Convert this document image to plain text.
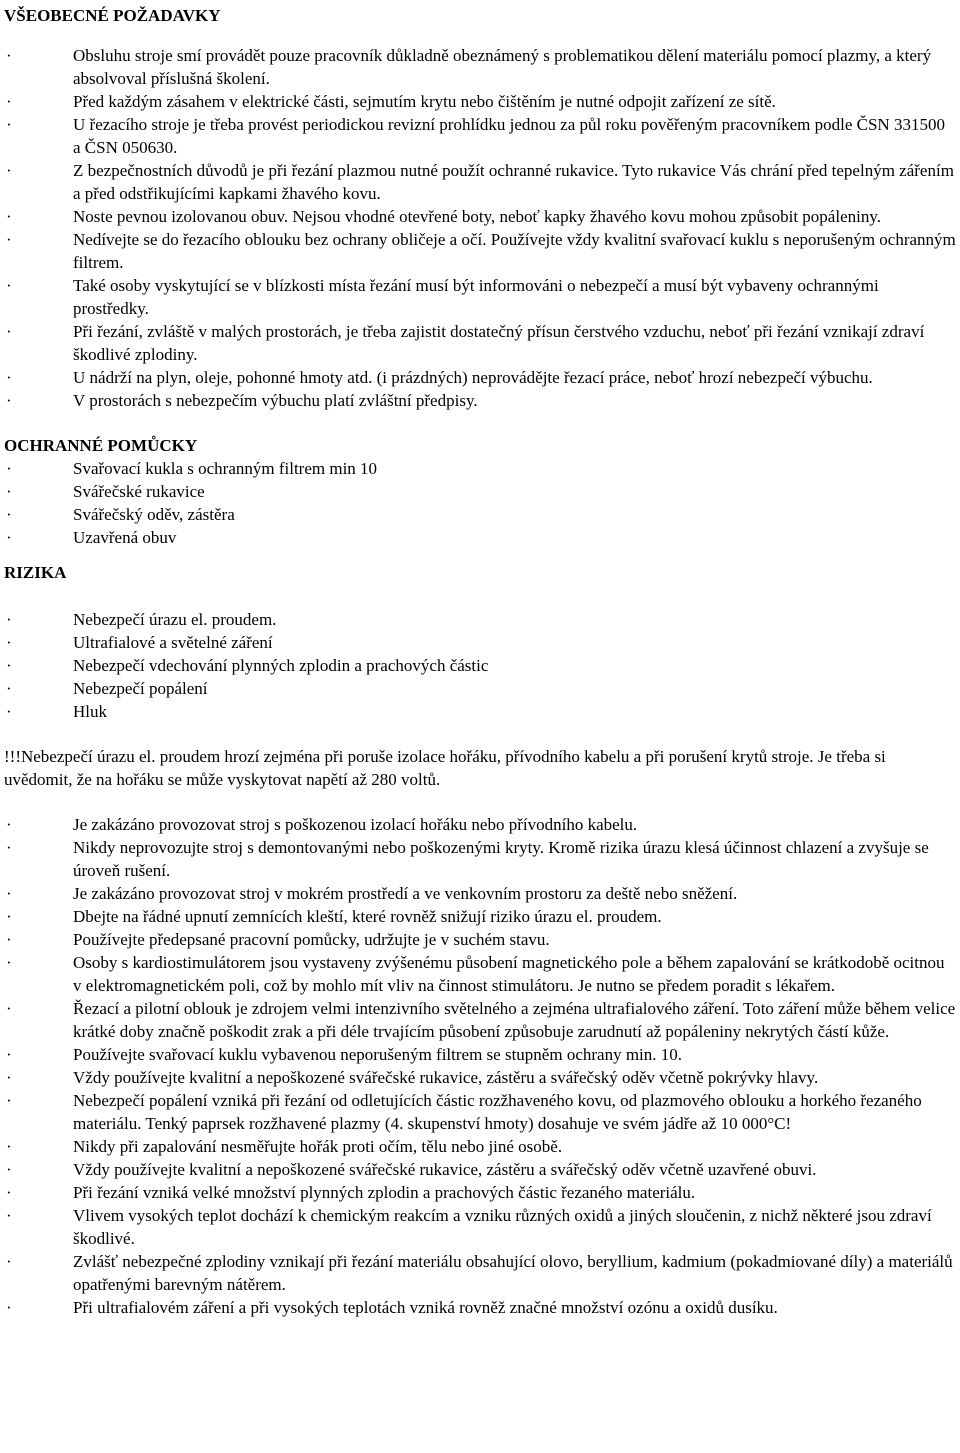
VŠEOBECNÉ POŽADAVKY
·	Obsluhu stroje smí provádět pouze pracovník důkladně obeznámený s problematikou dělení materiálu pomocí plazmy, a který absolvoval příslušná školení.
·	Před každým zásahem v elektrické části, sejmutím krytu nebo čištěním je nutné odpojit zařízení ze sítě.
·	U řezacího stroje je třeba provést periodickou revizní prohlídku jednou za půl roku pověřeným pracovníkem podle ČSN 331500 a ČSN 050630.
·	Z bezpečnostních důvodů je při řezání plazmou nutné použít ochranné rukavice. Tyto rukavice Vás chrání před tepelným zářením a před odstřikujícími kapkami žhavého kovu.
·	Noste pevnou izolovanou obuv. Nejsou vhodné otevřené boty, neboť kapky žhavého kovu mohou způsobit popáleniny.
·	Nedívejte se do řezacího oblouku bez ochrany obličeje a očí. Používejte vždy kvalitní svařovací kuklu s neporušeným ochranným filtrem.
·	Také osoby vyskytující se v blízkosti místa řezání musí být informováni o nebezpečí a musí být vybaveny ochrannými prostředky.
·	Při řezání, zvláště v malých prostorách, je třeba zajistit dostatečný přísun čerstvého vzduchu, neboť při řezání vznikají zdraví škodlivé zplodiny.
·	U nádrží na plyn, oleje, pohonné hmoty atd. (i prázdných) neprovádějte řezací práce, neboť hrozí nebezpečí výbuchu.
·	V prostorách s nebezpečím výbuchu platí zvláštní předpisy.
OCHRANNÉ POMŮCKY
·	Svařovací kukla s ochranným filtrem min 10
·	Svářečské rukavice
·	Svářečský oděv, zástěra
·	Uzavřená obuv
RIZIKA
·	Nebezpečí úrazu el. proudem.
·	Ultrafialové a světelné záření
·	Nebezpečí vdechování plynných zplodin a prachových částic
·	Nebezpečí popálení
·	Hluk

!!!Nebezpečí úrazu el. proudem hrozí zejména při poruše izolace hořáku, přívodního kabelu a při porušení krytů stroje. Je třeba si uvědomit, že na hořáku se může vyskytovat napětí až 280 voltů.

·	Je zakázáno provozovat stroj s poškozenou izolací hořáku nebo přívodního kabelu.
·	Nikdy neprovozujte stroj s demontovanými nebo poškozenými kryty. Kromě rizika úrazu klesá účinnost chlazení a zvyšuje se úroveň rušení.
·	Je zakázáno provozovat stroj v mokrém prostředí a ve venkovním prostoru za deště nebo sněžení.
·	Dbejte na řádné upnutí zemnících kleští, které rovněž snižují riziko úrazu el. proudem.
·	Používejte předepsané pracovní pomůcky, udržujte je v suchém stavu.
·	Osoby s kardiostimulátorem jsou vystaveny zvýšenému působení magnetického pole a během zapalování se krátkodobě ocitnou v elektromagnetickém poli, což by mohlo mít vliv na činnost stimulátoru. Je nutno se předem poradit s lékařem.
·	Řezací a pilotní oblouk je zdrojem velmi intenzivního světelného a zejména ultrafialového záření. Toto záření může během velice krátké doby značně poškodit zrak a při déle trvajícím působení způsobuje zarudnutí až popáleniny nekrytých částí kůže.
·	Používejte svařovací kuklu vybavenou neporušeným filtrem se stupněm ochrany min. 10.
·	Vždy používejte kvalitní a nepoškozené svářečské rukavice, zástěru a svářečský oděv včetně pokrývky hlavy.
·	Nebezpečí popálení vzniká při řezání od odletujících částic rozžhaveného kovu, od plazmového oblouku a horkého řezaného materiálu. Tenký paprsek rozžhavené plazmy (4. skupenství hmoty) dosahuje ve svém jádře až 10 000°C!
·	Nikdy při zapalování nesměřujte hořák proti očím, tělu nebo jiné osobě.
·	Vždy používejte kvalitní a nepoškozené svářečské rukavice, zástěru a svářečský oděv včetně uzavřené obuvi.
·	Při řezání vzniká velké množství plynných zplodin a prachových částic řezaného materiálu.
·	Vlivem vysokých teplot dochází k chemickým reakcím a vzniku různých oxidů a jiných sloučenin, z nichž některé jsou zdraví škodlivé.
·	Zvlášť nebezpečné zplodiny vznikají při řezání materiálu obsahující olovo, beryllium, kadmium (pokadmiované díly) a materiálů opatřenými barevným nátěrem.
·	Při ultrafialovém záření a při vysokých teplotách vzniká rovněž značné množství ozónu a oxidů dusíku.
